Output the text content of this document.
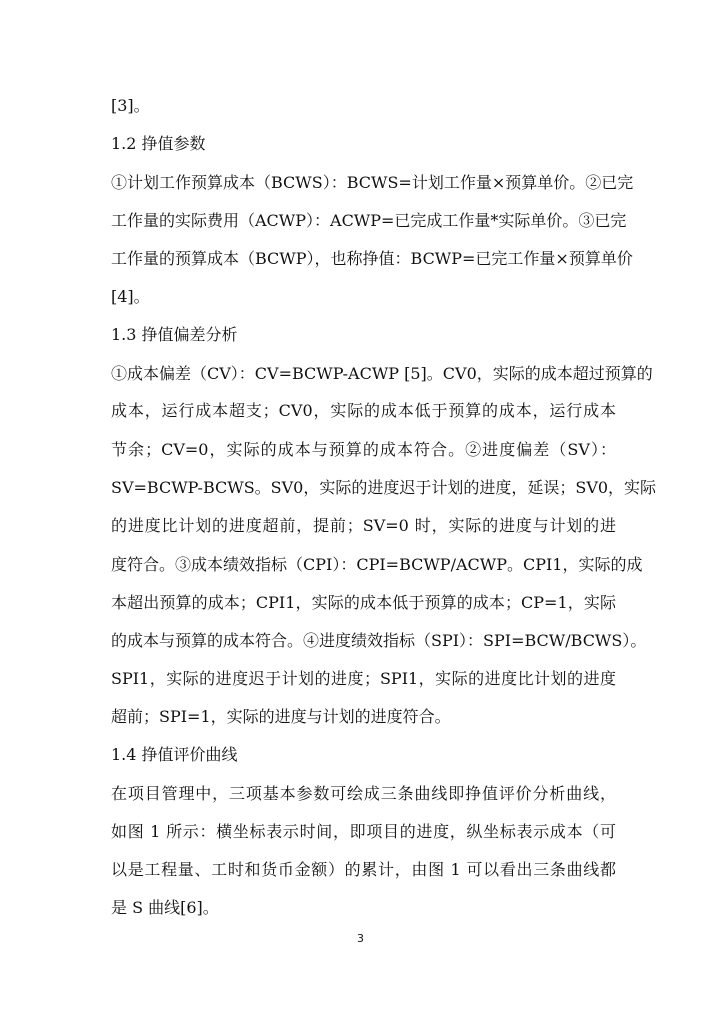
[3]。
1.2 挣值参数
①计划工作预算成本（BCWS）：BCWS=计划工作量×预算单价。②已完
工作量的实际费用（ACWP）：ACWP=已完成工作量*实际单价。③已完
工作量的预算成本（BCWP），也称挣值：BCWP=已完工作量×预算单价
[4]。
1.3 挣值偏差分析
①成本偏差（CV）：CV=BCWP-ACWP [5]。CV0，实际的成本超过预算的
成本，运行成本超支；CV0，实际的成本低于预算的成本，运行成本
节余；CV=0，实际的成本与预算的成本符合。②进度偏差（SV）：
SV=BCWP-BCWS。SV0，实际的进度迟于计划的进度，延误；SV0，实际
的进度比计划的进度超前，提前；SV=0 时，实际的进度与计划的进
度符合。③成本绩效指标（CPI）：CPI=BCWP/ACWP。CPI1，实际的成
本超出预算的成本；CPI1，实际的成本低于预算的成本；CP=1，实际
的成本与预算的成本符合。④进度绩效指标（SPI）：SPI=BCW/BCWS）。
SPI1，实际的进度迟于计划的进度；SPI1，实际的进度比计划的进度
超前；SPI=1，实际的进度与计划的进度符合。
1.4 挣值评价曲线
在项目管理中，三项基本参数可绘成三条曲线即挣值评价分析曲线，
如图 1 所示：横坐标表示时间，即项目的进度，纵坐标表示成本（可
以是工程量、工时和货币金额）的累计，由图 1 可以看出三条曲线都
是 S 曲线[6]。
3
